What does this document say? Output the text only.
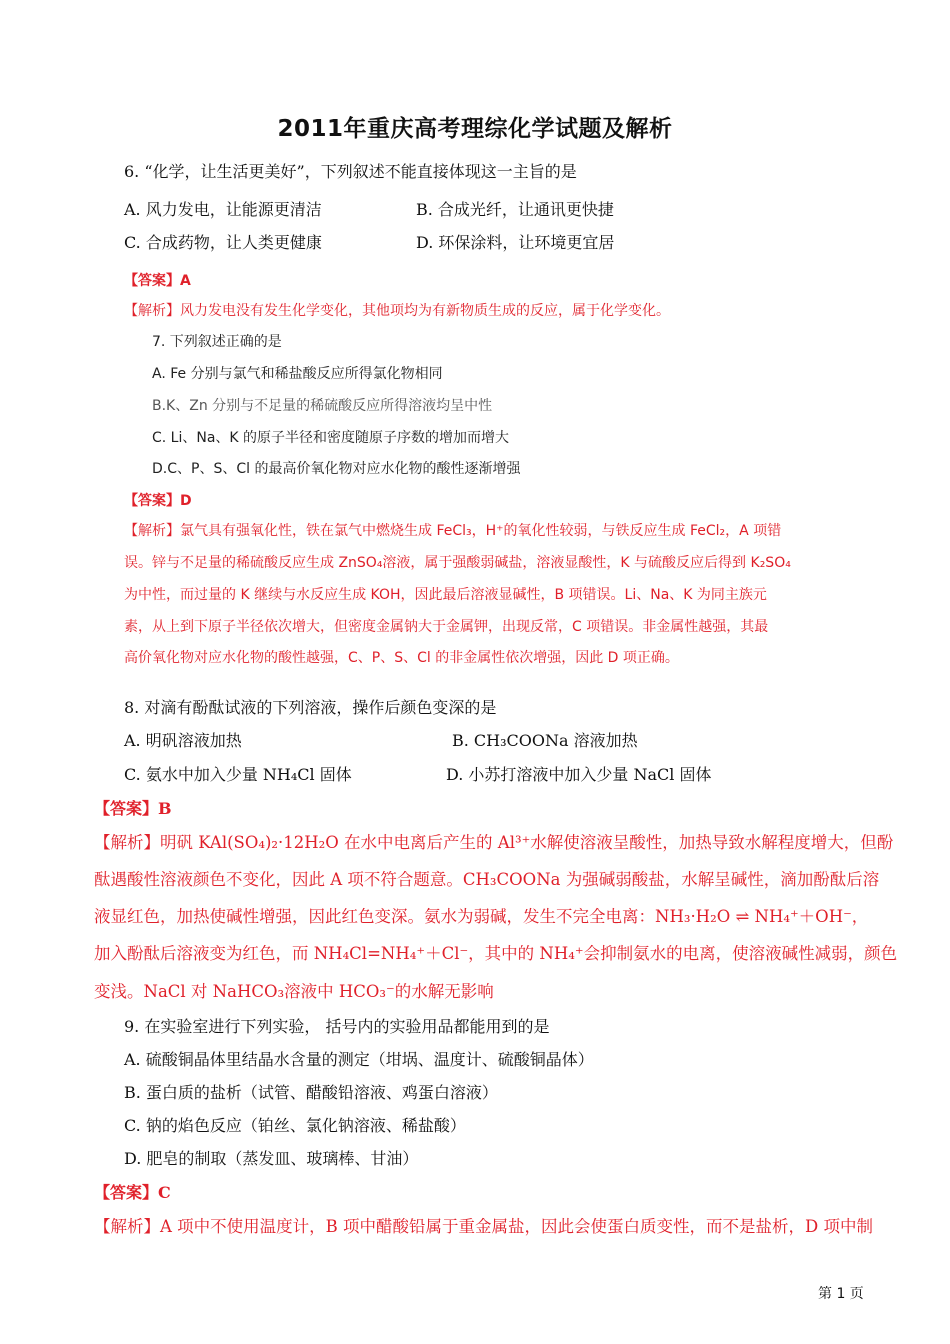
2011年重庆高考理综化学试题及解析
6. “化学，让生活更美好”，下列叙述不能直接体现这一主旨的是
A. 风力发电，让能源更清洁	B. 合成光纤，让通讯更快捷
C. 合成药物，让人类更健康	D. 环保涂料，让环境更宜居
【答案】A
【解析】风力发电没有发生化学变化，其他项均为有新物质生成的反应，属于化学变化。
7. 下列叙述正确的是
A. Fe 分别与氯气和稀盐酸反应所得氯化物相同
B.K、Zn 分别与不足量的稀硫酸反应所得溶液均呈中性
C. Li、Na、K 的原子半径和密度随原子序数的增加而增大
D.C、P、S、Cl 的最高价氧化物对应水化物的酸性逐渐增强
【答案】D
【解析】氯气具有强氧化性，铁在氯气中燃烧生成 FeCl₃，H⁺的氧化性较弱，与铁反应生成 FeCl₂，A 项错
误。锌与不足量的稀硫酸反应生成 ZnSO₄溶液，属于强酸弱碱盐，溶液显酸性，K 与硫酸反应后得到 K₂SO₄
为中性，而过量的 K 继续与水反应生成 KOH，因此最后溶液显碱性，B 项错误。Li、Na、K 为同主族元
素，从上到下原子半径依次增大，但密度金属钠大于金属钾，出现反常，C 项错误。非金属性越强，其最
高价氧化物对应水化物的酸性越强，C、P、S、Cl 的非金属性依次增强，因此 D 项正确。
8. 对滴有酚酞试液的下列溶液，操作后颜色变深的是
A. 明矾溶液加热	B. CH₃COONa 溶液加热
C. 氨水中加入少量 NH₄Cl 固体	D. 小苏打溶液中加入少量 NaCl 固体
【答案】B
【解析】明矾 KAl(SO₄)₂·12H₂O 在水中电离后产生的 Al³⁺水解使溶液呈酸性，加热导致水解程度增大，但酚
酞遇酸性溶液颜色不变化，因此 A 项不符合题意。CH₃COONa 为强碱弱酸盐，水解呈碱性，滴加酚酞后溶
液显红色，加热使碱性增强，因此红色变深。氨水为弱碱，发生不完全电离：NH₃·H₂O ⇌ NH₄⁺＋OH⁻，
加入酚酞后溶液变为红色，而 NH₄Cl=NH₄⁺＋Cl⁻，其中的 NH₄⁺会抑制氨水的电离，使溶液碱性减弱，颜色
变浅。NaCl 对 NaHCO₃溶液中 HCO₃⁻的水解无影响
9. 在实验室进行下列实验， 括号内的实验用品都能用到的是
A. 硫酸铜晶体里结晶水含量的测定（坩埚、温度计、硫酸铜晶体）
B. 蛋白质的盐析（试管、醋酸铅溶液、鸡蛋白溶液）
C. 钠的焰色反应（铂丝、氯化钠溶液、稀盐酸）
D. 肥皂的制取（蒸发皿、玻璃棒、甘油）
【答案】C
【解析】A 项中不使用温度计，B 项中醋酸铅属于重金属盐，因此会使蛋白质变性，而不是盐析，D 项中制
第 1 页
